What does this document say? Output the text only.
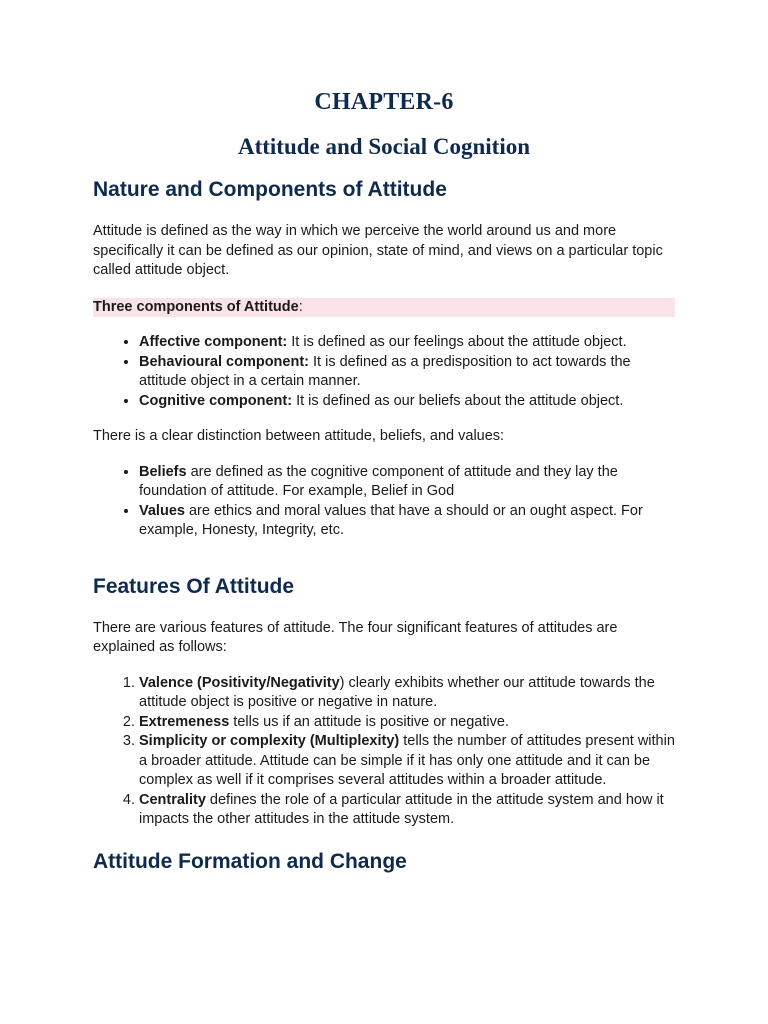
CHAPTER-6
Attitude and Social Cognition
Nature and Components of Attitude

Attitude is defined as the way in which we perceive the world around us and more specifically it can be defined as our opinion, state of mind, and views on a particular topic called attitude object.

Three components of Attitude:
• Affective component: It is defined as our feelings about the attitude object.
• Behavioural component: It is defined as a predisposition to act towards the attitude object in a certain manner.
• Cognitive component: It is defined as our beliefs about the attitude object.

There is a clear distinction between attitude, beliefs, and values:

• Beliefs are defined as the cognitive component of attitude and they lay the foundation of attitude. For example, Belief in God
• Values are ethics and moral values that have a should or an ought aspect. For example, Honesty, Integrity, etc.
Features Of Attitude

There are various features of attitude. The four significant features of attitudes are explained as follows:

1. Valence (Positivity/Negativity) clearly exhibits whether our attitude towards the attitude object is positive or negative in nature.
2. Extremeness tells us if an attitude is positive or negative.
3. Simplicity or complexity (Multiplexity) tells the number of attitudes present within a broader attitude. Attitude can be simple if it has only one attitude and it can be complex as well if it comprises several attitudes within a broader attitude.
4. Centrality defines the role of a particular attitude in the attitude system and how it impacts the other attitudes in the attitude system.
Attitude Formation and Change
